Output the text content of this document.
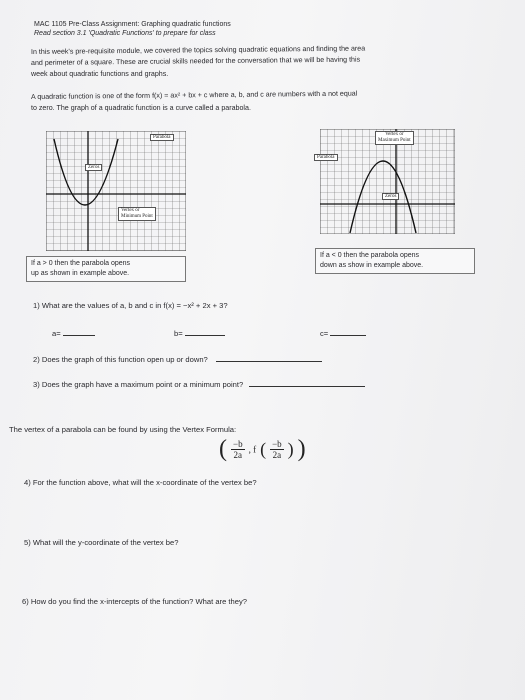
MAC 1105 Pre-Class Assignment: Graphing quadratic functions
Read section 3.1 'Quadratic Functions' to prepare for class
In this week's pre-requisite module, we covered the topics solving quadratic equations and finding the area
and perimeter of a square. These are crucial skills needed for the conversation that we will be having this
week about quadratic functions and graphs.
A quadratic function is one of the form f(x) = ax² + bx + c where a, b, and c are numbers with a not equal
to zero. The graph of a quadratic function is a curve called a parabola.
Parabola
Zeros
Vertex or
Minimum Point
Vertex or
Maximum Point
Parabola
Zeros
If a > 0 then the parabola opens
up as shown in example above.
If a < 0 then the parabola opens
down as show in example above.
1) What are the values of a, b and c in f(x) = −x² + 2x + 3?
a=	b=	c=
2) Does the graph of this function open up or down?
3) Does the graph have a maximum point or a minimum point?
The vertex of a parabola can be found by using the Vertex Formula:
( $\frac{-b}{2a}$ , f ( $\frac{-b}{2a}$ ) )
4) For the function above, what will the x-coordinate of the vertex be?
5) What will the y-coordinate of the vertex be?
6) How do you find the x-intercepts of the function? What are they?
